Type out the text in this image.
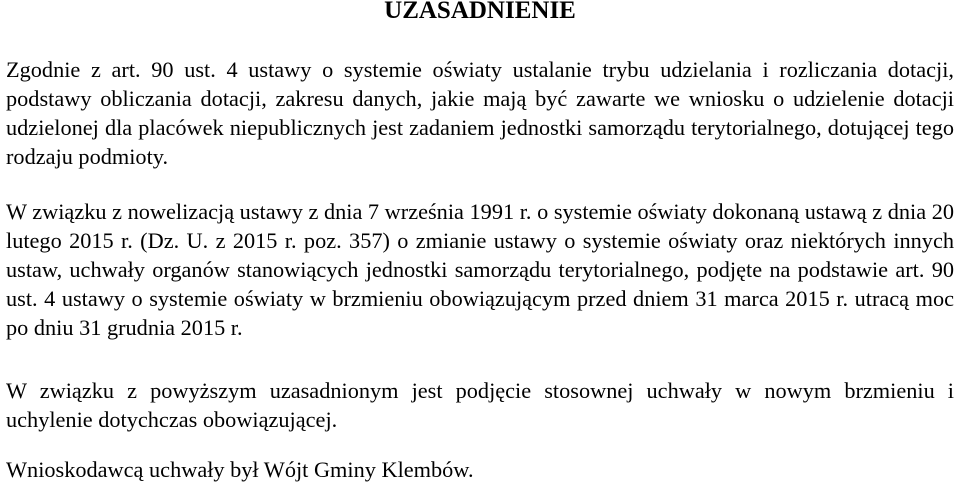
UZASADNIENIE

Zgodnie z art. 90 ust. 4 ustawy o systemie oświaty ustalanie trybu udzielania i rozliczania dotacji, podstawy obliczania dotacji, zakresu danych, jakie mają być zawarte we wniosku o udzielenie dotacji udzielonej dla placówek niepublicznych jest zadaniem jednostki samorządu terytorialnego, dotującej tego rodzaju podmioty.

W związku z nowelizacją ustawy z dnia 7 września 1991 r. o systemie oświaty dokonaną ustawą z dnia 20 lutego 2015 r. (Dz. U. z 2015 r. poz. 357) o zmianie ustawy o systemie oświaty oraz niektórych innych ustaw, uchwały organów stanowiących jednostki samorządu terytorialnego, podjęte na podstawie art. 90 ust. 4 ustawy o systemie oświaty w brzmieniu obowiązującym przed dniem 31 marca 2015 r. utracą moc po dniu 31 grudnia 2015 r.

W związku z powyższym uzasadnionym jest podjęcie stosownej uchwały w nowym brzmieniu i uchylenie dotychczas obowiązującej.

Wnioskodawcą uchwały był Wójt Gminy Klembów.
